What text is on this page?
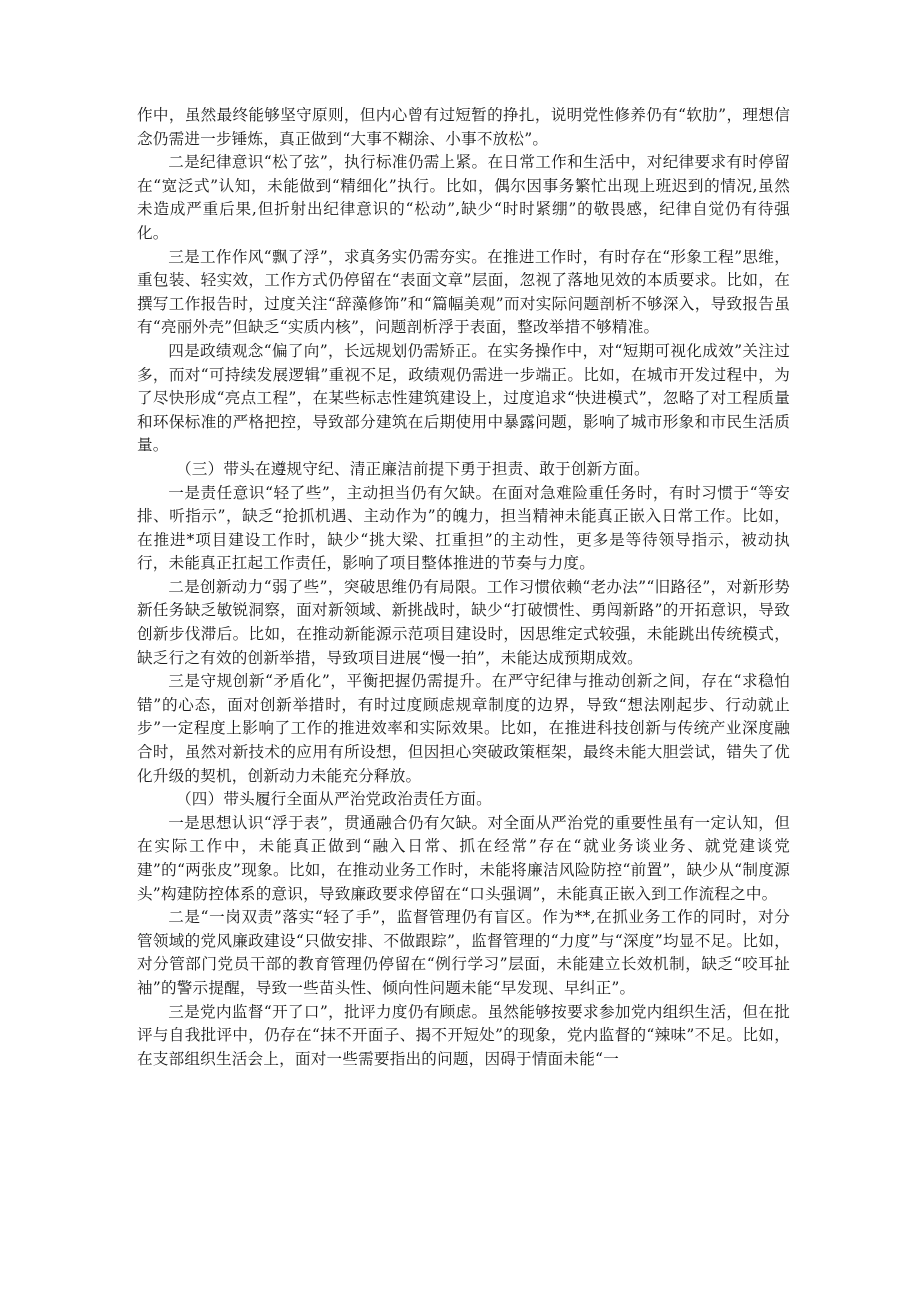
作中，虽然最终能够坚守原则，但内心曾有过短暂的挣扎，说明党性修养仍有“软肋”，理想信念仍需进一步锤炼，真正做到“大事不糊涂、小事不放松”。

二是纪律意识“松了弦”，执行标准仍需上紧。在日常工作和生活中，对纪律要求有时停留在“宽泛式”认知，未能做到“精细化”执行。比如，偶尔因事务繁忙出现上班迟到的情况,虽然未造成严重后果,但折射出纪律意识的“松动”,缺少“时时紧绷”的敬畏感，纪律自觉仍有待强化。

三是工作作风“飘了浮”，求真务实仍需夯实。在推进工作时，有时存在“形象工程”思维，重包装、轻实效，工作方式仍停留在“表面文章”层面，忽视了落地见效的本质要求。比如，在撰写工作报告时，过度关注“辞藻修饰”和“篇幅美观”而对实际问题剖析不够深入，导致报告虽有“亮丽外壳”但缺乏“实质内核”，问题剖析浮于表面，整改举措不够精准。

四是政绩观念“偏了向”，长远规划仍需矫正。在实务操作中，对“短期可视化成效”关注过多，而对“可持续发展逻辑”重视不足，政绩观仍需进一步端正。比如，在城市开发过程中，为了尽快形成“亮点工程”，在某些标志性建筑建设上，过度追求“快进模式”，忽略了对工程质量和环保标准的严格把控，导致部分建筑在后期使用中暴露问题，影响了城市形象和市民生活质量。

（三）带头在遵规守纪、清正廉洁前提下勇于担责、敢于创新方面。

一是责任意识“轻了些”，主动担当仍有欠缺。在面对急难险重任务时，有时习惯于“等安排、听指示”，缺乏“抢抓机遇、主动作为”的魄力，担当精神未能真正嵌入日常工作。比如，在推进*项目建设工作时，缺少“挑大梁、扛重担”的主动性，更多是等待领导指示，被动执行，未能真正扛起工作责任，影响了项目整体推进的节奏与力度。

二是创新动力“弱了些”，突破思维仍有局限。工作习惯依赖“老办法”“旧路径”，对新形势新任务缺乏敏锐洞察，面对新领域、新挑战时，缺少“打破惯性、勇闯新路”的开拓意识，导致创新步伐滞后。比如，在推动新能源示范项目建设时，因思维定式较强，未能跳出传统模式，缺乏行之有效的创新举措，导致项目进展“慢一拍”，未能达成预期成效。

三是守规创新“矛盾化”，平衡把握仍需提升。在严守纪律与推动创新之间，存在“求稳怕错”的心态，面对创新举措时，有时过度顾虑规章制度的边界，导致“想法刚起步、行动就止步”一定程度上影响了工作的推进效率和实际效果。比如，在推进科技创新与传统产业深度融合时，虽然对新技术的应用有所设想，但因担心突破政策框架，最终未能大胆尝试，错失了优化升级的契机，创新动力未能充分释放。

（四）带头履行全面从严治党政治责任方面。

一是思想认识“浮于表”，贯通融合仍有欠缺。对全面从严治党的重要性虽有一定认知，但在实际工作中，未能真正做到“融入日常、抓在经常”存在“就业务谈业务、就党建谈党建”的“两张皮”现象。比如，在推动业务工作时，未能将廉洁风险防控“前置”，缺少从“制度源头”构建防控体系的意识，导致廉政要求停留在“口头强调”，未能真正嵌入到工作流程之中。

二是“一岗双责”落实“轻了手”，监督管理仍有盲区。作为**,在抓业务工作的同时，对分管领域的党风廉政建设“只做安排、不做跟踪”，监督管理的“力度”与“深度”均显不足。比如，对分管部门党员干部的教育管理仍停留在“例行学习”层面，未能建立长效机制，缺乏“咬耳扯袖”的警示提醒，导致一些苗头性、倾向性问题未能“早发现、早纠正”。

三是党内监督“开了口”，批评力度仍有顾虑。虽然能够按要求参加党内组织生活，但在批评与自我批评中，仍存在“抹不开面子、揭不开短处”的现象，党内监督的“辣味”不足。比如，在支部组织生活会上，面对一些需要指出的问题，因碍于情面未能“一
